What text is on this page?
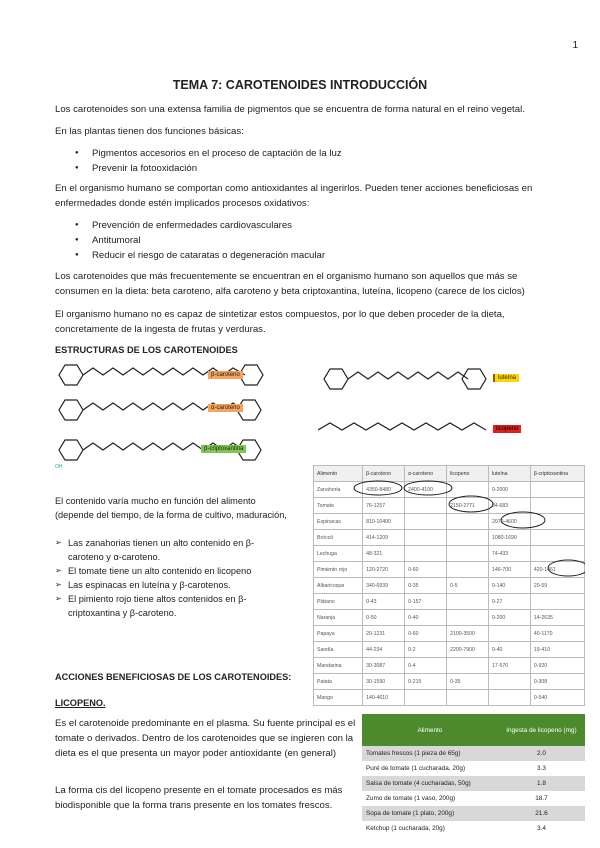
1
TEMA 7: CAROTENOIDES INTRODUCCIÓN
Los carotenoides son una extensa familia de pigmentos que se encuentra de forma natural en el reino vegetal.
En las plantas tienen dos funciones básicas:
● Pigmentos accesorios en el proceso de captación de la luz
● Prevenir la fotooxidación
En el organismo humano se comportan como antioxidantes al ingerirlos. Pueden tener acciones beneficiosas en enfermedades donde estén implicados procesos oxidativos:
● Prevención de enfermedades cardiovasculares
● Antitumoral
● Reducir el riesgo de cataratas o degeneración macular
Los carotenoides que más frecuentemente se encuentran en el organismo humano son aquellos que más se consumen en la dieta: beta caroteno, alfa caroteno y beta criptoxantina, luteína, licopeno (carece de los ciclos)
El organismo humano no es capaz de sintetizar estos compuestos, por lo que deben proceder de la dieta, concretamente de la ingesta de frutas y verduras.
ESTRUCTURAS DE LOS CAROTENOIDES
OH
β-caroteno
α-caroteno
β-criptoxantina
luteína
licopeno
Alimento	β-caroteno	α-caroteno	licopeno	luteína	β-criptoxantina
Zanahoria	4350-8480	2400-4100		0-2000	
Tomate	76-1257		2150-2771	84-683	
Espinacas	810-10400			2070-4600	
Brócoli	414-1209			1080-1690	
Lechuga	48-321			74-433	
Pimiento rojo	120-2720	0-60		146-700	420-1461
Albaricoque	340-6939	0-35	0-5	0-140	20-59
Plátano	0-43	0-157		0-27	
Naranja	0-50	0-40		0-200	14-2635
Papaya	20-1231	0-60	2100-3500		40-1170
Sandía	44-234	0-2	2200-7900	0-40	19-410
Mandarina	30-3087	0-4		17-570	0-920
Patata	30-1590	0-215	0-35		0-308
Mango	140-4610				0-540
El contenido varía mucho en función del alimento (depende del tiempo, de la forma de cultivo, maduración,
➢ Las zanahorias tienen un alto contenido en β-caroteno y α-caroteno.
➢ El tomate tiene un alto contenido en licopeno
➢ Las espinacas en luteína y β-carotenos.
➢ El pimiento rojo tiene altos contenidos en β-criptoxantina y β-caroteno.
ACCIONES BENEFICIOSAS DE LOS CAROTENOIDES:
LICOPENO.
Es el carotenoide predominante en el plasma. Su fuente principal es el tomate o derivados. Dentro de los carotenoides que se ingieren con la dieta es el que presenta un mayor poder antioxidante (en general)
La forma cis del licopeno presente en el tomate procesados es más biodisponible que la forma trans presente en los tomates frescos.
Alimento	Ingesta de licopeno (mg)
Tomates frescos (1 pieza de 65g)	2.0
Puré de tomate (1 cucharada, 20g)	3.3
Salsa de tomate (4 cucharadas, 50g)	1.8
Zumo de tomate (1 vaso, 200g)	18.7
Sopa de tomate (1 plato, 200g)	21.6
Ketchup (1 cucharada, 20g)	3.4
